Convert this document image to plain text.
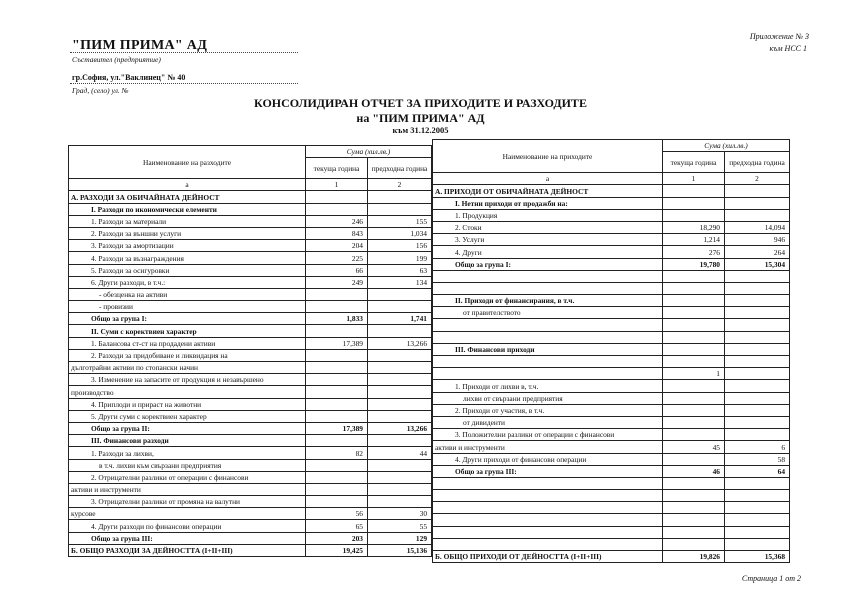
"ПИМ ПРИМА" АД
Съставител (предприятие)
гр.София, ул."Ваклинец" № 40
Град, (село) ул. №
Приложение № 3
към НСС 1
КОНСОЛИДИРАН ОТЧЕТ ЗА ПРИХОДИТЕ И РАЗХОДИТЕ
на "ПИМ ПРИМА" АД
към 31.12.2005
Наименование на разходите	Сума (хил.лв.)	
	текуща година	предходна година
а	1	2
А. РАЗХОДИ ЗА ОБИЧАЙНАТА ДЕЙНОСТ		
I. Разходи по икономически елементи		
1. Разходи за материали	246	155
2. Разходи за външни услуги	843	1,034
3. Разходи за амортизации	204	156
4. Разходи за възнаграждения	225	199
5. Разходи за осигуровки	66	63
6. Други разходи, в т.ч.:	249	134
- обезценка на активи		
- провизии		
Общо за група I:	1,833	1,741
II. Суми с коректвиен характер		
1. Балансова ст-ст на продадени активи	17,389	13,266
2. Разходи за придобиване и ликвидация на		
дълготрайни активи по стопански начин		
3. Изменение на запасите от продукция и незавършено		
производство		
4. Приплоди и прираст на животни		
5. Други суми с коректвиен характер		
Общо за група II:	17,389	13,266
III. Финансови разходи		
1. Разходи за лихви,	82	44
в т.ч. лихви към свързани предприятия		
2. Отрицателни разлики от операции с финансови		
активи и инструменти		
3. Отрицателни разлики от промяна на валутни		
курсове	56	30
4. Други разходи по финансови операции	65	55
Общо за група III:	203	129
Б. ОБЩО РАЗХОДИ ЗА ДЕЙНОСТТА (I+II+III)	19,425	15,136
Наименование на приходите	Сума (хил.лв.)	
	текуща година	предходна година
а	1	2
А. ПРИХОДИ ОТ ОБИЧАЙНАТА ДЕЙНОСТ		
I. Нетни приходи от продажби на:		
1. Продукция		
2. Стоки	18,290	14,094
3. Услуги	1,214	946
4. Други	276	264
Общо за група I:	19,780	15,304

II. Приходи от финансирания, в т.ч.		
от правителството		

III. Финансови приходи		

	1	
1. Приходи от лихви в, т.ч.		
лихви от свързани предприятия		
2. Приходи от участия, в т.ч.		
от дивиденти		
3. Положителни разлики от операции с финансови		
активи и инструменти	45	6
4. Други приходи от финансови операции		58
Общо за група III:	46	64

Б. ОБЩО ПРИХОДИ ОТ ДЕЙНОСТТА (I+II+III)	19,826	15,368
Страница 1 от 2
